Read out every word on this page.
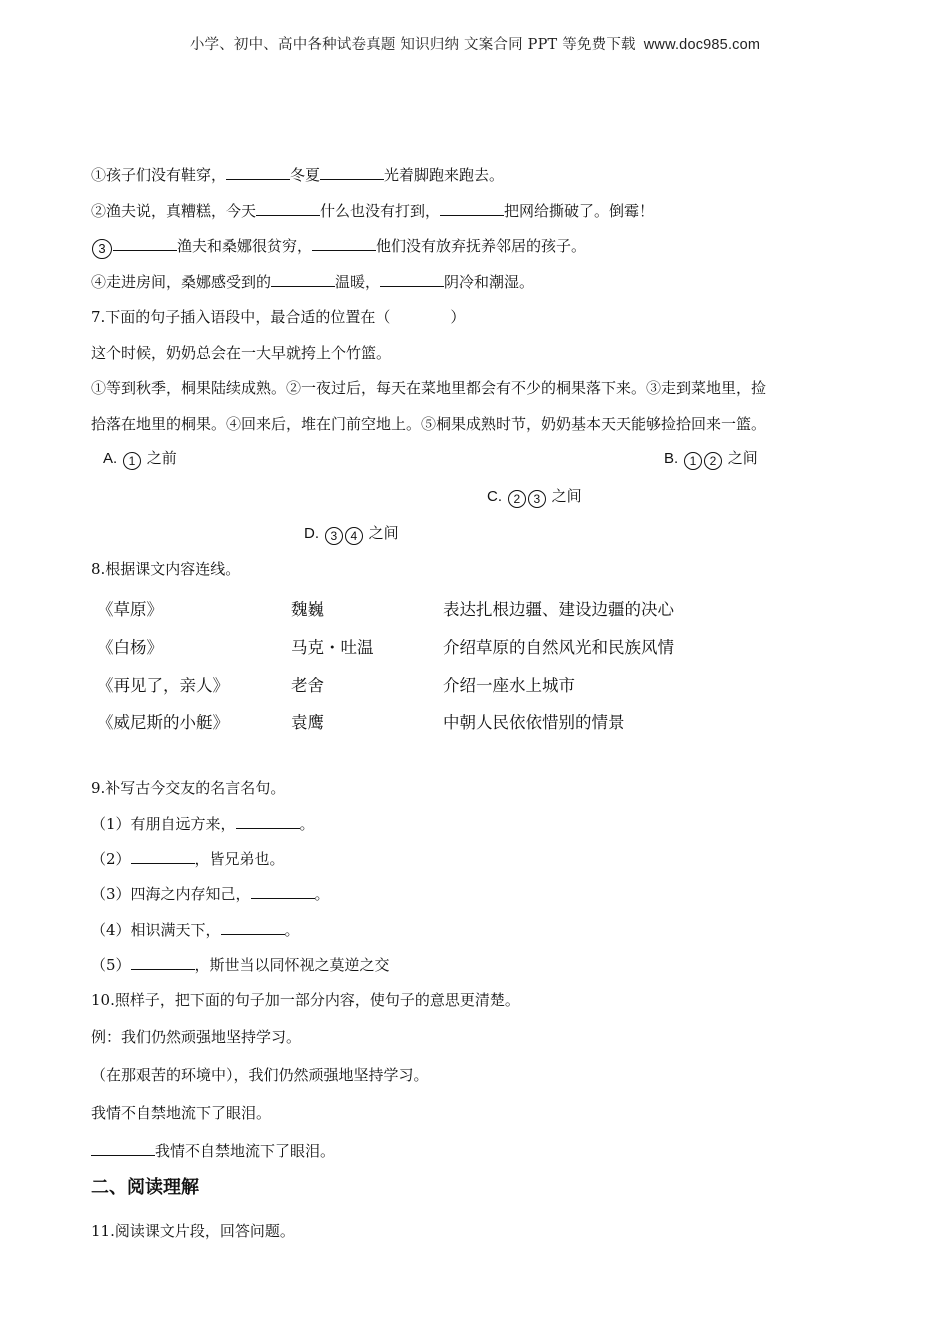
小学、初中、高中各种试卷真题 知识归纳 文案合同 PPT 等免费下载 www.doc985.com
①孩子们没有鞋穿，	冬夏	光着脚跑来跑去。
②渔夫说，真糟糕，今天	什么也没有打到，	把网给撕破了。倒霉！
3	渔夫和桑娜很贫穷，	他们没有放弃抚养邻居的孩子。
④走进房间，桑娜感受到的	温暖，	阴冷和潮湿。
7.下面的句子插入语段中，最合适的位置在（　　　　）
这个时候，奶奶总会在一大早就挎上个竹篮。
①等到秋季，桐果陆续成熟。②一夜过后，每天在菜地里都会有不少的桐果落下来。③走到菜地里，捡
拾落在地里的桐果。④回来后，堆在门前空地上。⑤桐果成熟时节，奶奶基本天天能够捡拾回来一篮。
A. 1 之前	B. 1 2 之间
C. 2 3 之间
D. 3 4 之间
8.根据课文内容连线。
《草原》	魏巍	表达扎根边疆、建设边疆的决心
《白杨》	马克・吐温	介绍草原的自然风光和民族风情
《再见了，亲人》	老舍	介绍一座水上城市
《威尼斯的小艇》	袁鹰	中朝人民依依惜别的情景
9.补写古今交友的名言名句。
（1）有朋自远方来，	。
（2）	，皆兄弟也。
（3）四海之内存知己，	。
（4）相识满天下，	。
（5）	，斯世当以同怀视之莫逆之交
10.照样子，把下面的句子加一部分内容，使句子的意思更清楚。
例：我们仍然顽强地坚持学习。
（在那艰苦的环境中），我们仍然顽强地坚持学习。
我情不自禁地流下了眼泪。
我情不自禁地流下了眼泪。
二、阅读理解
11.阅读课文片段，回答问题。
